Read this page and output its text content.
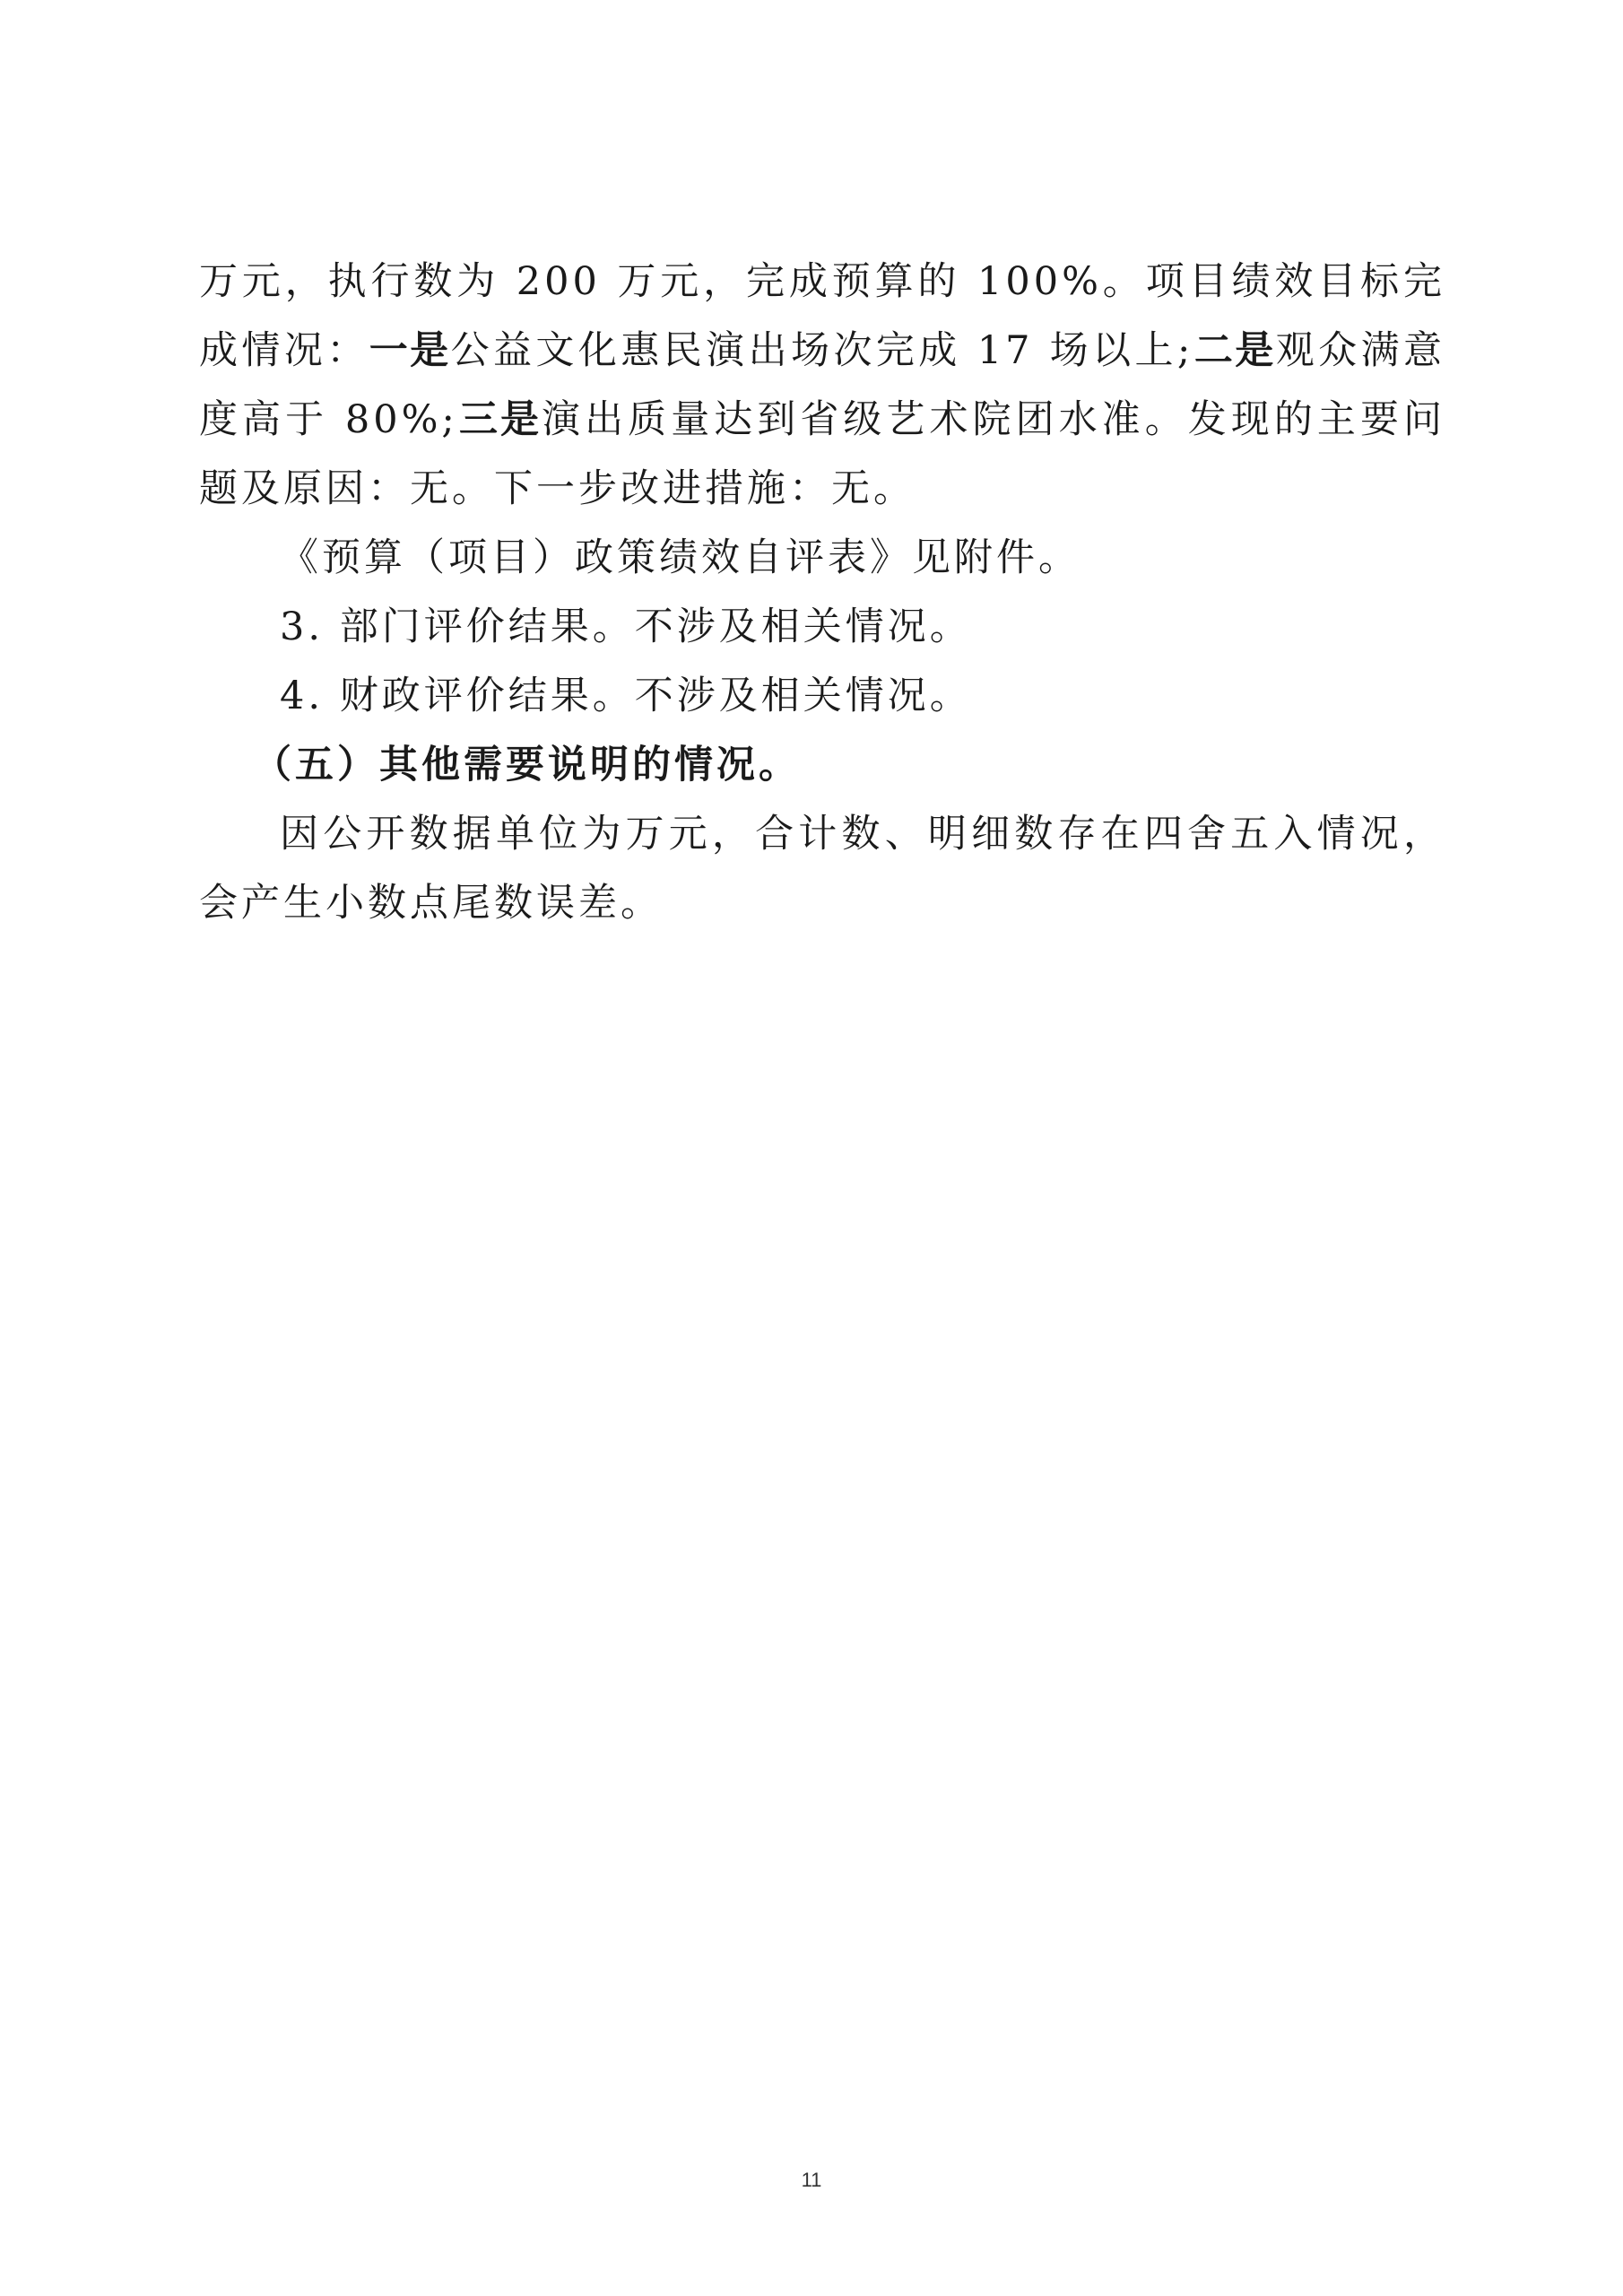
万元，执行数为 200 万元，完成预算的 100%。项目绩效目标完成情况：一是公益文化惠民演出场次完成 17 场以上;二是观众满意度高于 80%;三是演出质量达到省级艺术院团水准。发现的主要问题及原因：无。下一步改进措施：无。

《预算（项目）政策绩效自评表》见附件。

3. 部门评价结果。不涉及相关情况。

4. 财政评价结果。不涉及相关情况。

（五）其他需要说明的情况。

因公开数据单位为万元，合计数、明细数存在四舍五入情况，会产生小数点尾数误差。

11
